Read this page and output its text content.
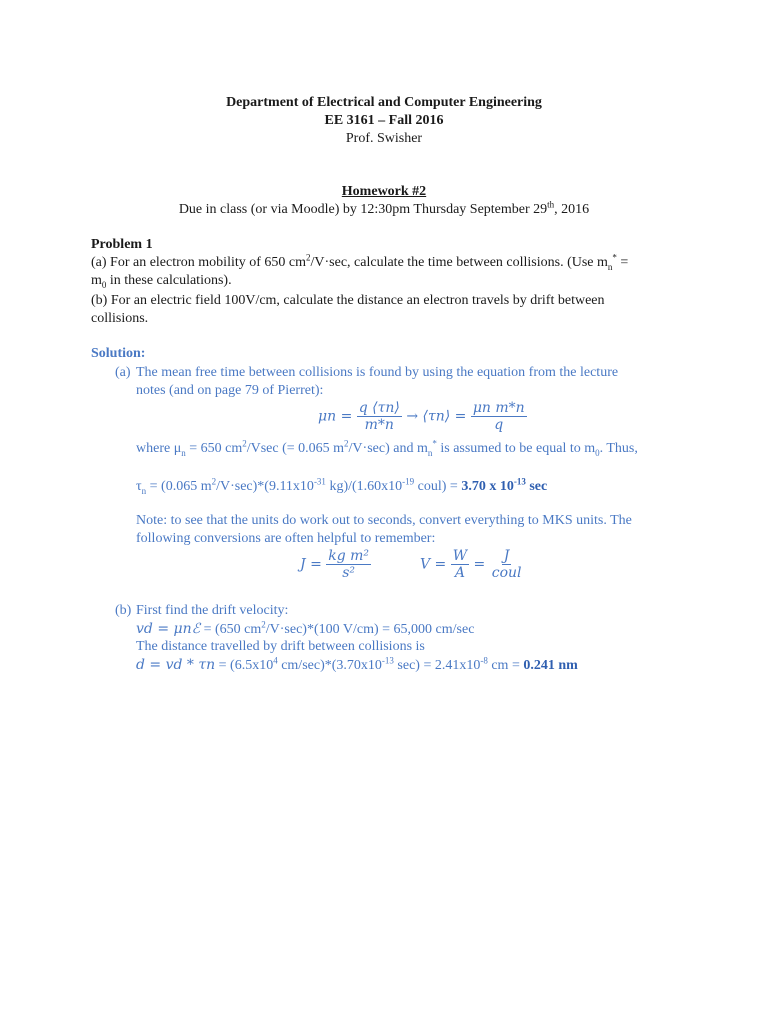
Department of Electrical and Computer Engineering
EE 3161 – Fall 2016
Prof. Swisher
Homework #2
Due in class (or via Moodle) by 12:30pm Thursday September 29th, 2016
Problem 1
(a) For an electron mobility of 650 $cm^2/V\cdot\sec$, calculate the time between collisions. (Use $m_n^*$ =
$m_0$ in these calculations).
(b) For an electric field 100V/cm, calculate the distance an electron travels by drift between
collisions.
Solution:
(a) The mean free time between collisions is found by using the equation from the lecture
notes (and on page 79 of Pierret):
$\mu n = \frac{q ⟨\tau n⟩}{m*n}$ → ⟨τn⟩ = $\frac{\text{μn m*n}}{q}$
where $\mu_n = 650$ $cm^2$/Vsec (= 0.065 $m^2/V\cdot\sec$) and $m_n^*$ is assumed to be equal to $m_0$. Thus,
$\tau_n = (0.065$ $m^2/V\cdot\sec)*(9.11x10^{-31}$ $kg)/(1.60x10^{-19}$ coul) = 3.70 x $10^{-13}$ sec
Note: to see that the units do work out to seconds, convert everything to MKS units. The
following conversions are often helpful to remember:
$J = \frac{\text{kg m²}}{\text{s²}}$	$V = \frac{W}{A} = \frac{J}{\text{coul}}$
(b) First find the drift velocity:
vd = μnℰ = (650 $cm^2/V\cdot\sec)*(100$ V/cm) = 65,000 cm/sec
The distance travelled by drift between collisions is
d = vd * $\tau n = (6.5x10^4$ $cm/\sec)*(3.70x10^{-13}$ $\sec) = 2.41x10^{-8}$ cm = 0.241 nm
